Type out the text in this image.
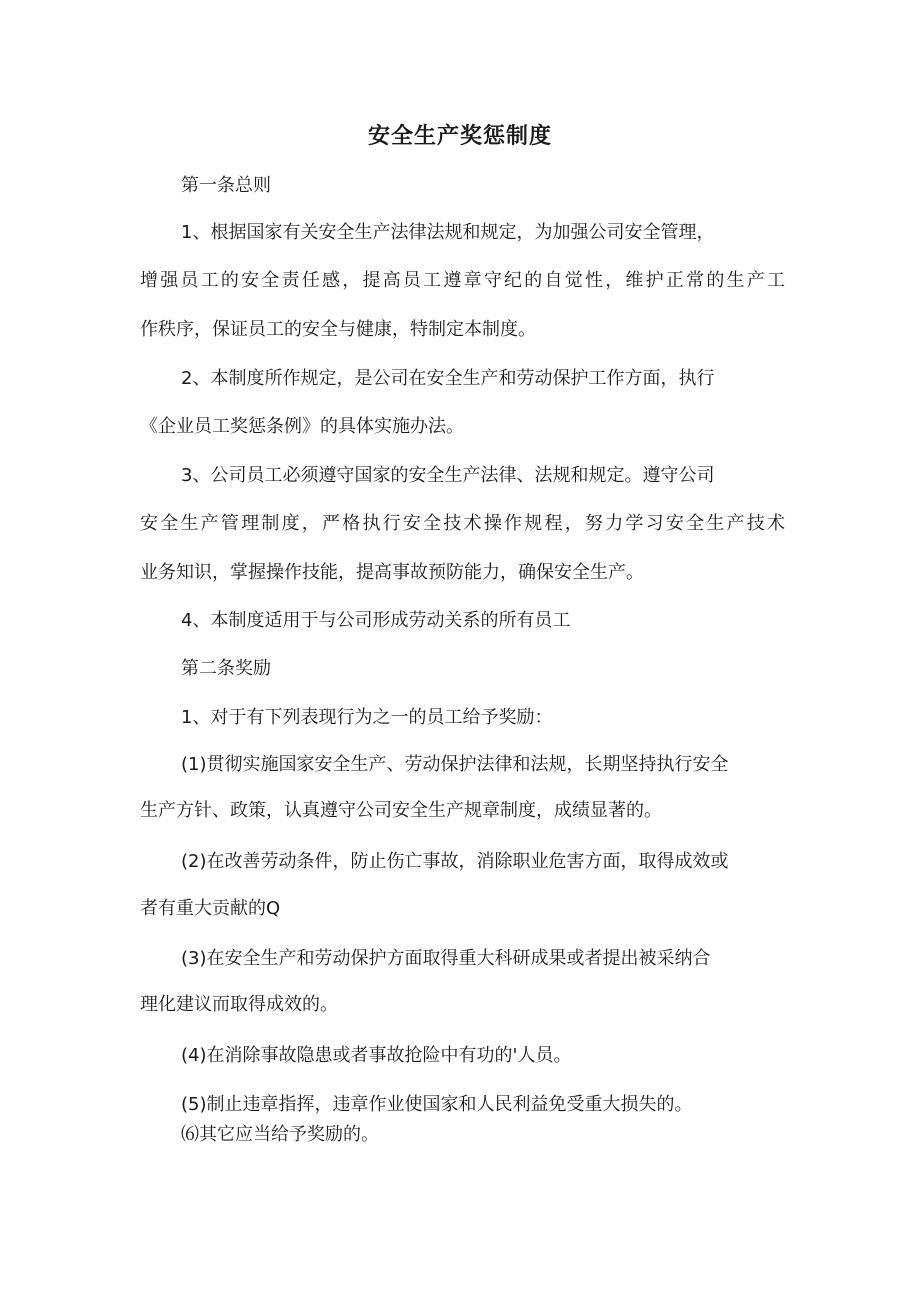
安全生产奖惩制度
第一条总则
1、根据国家有关安全生产法律法规和规定，为加强公司安全管理，
增强员工的安全责任感，提高员工遵章守纪的自觉性，维护正常的生产工
作秩序，保证员工的安全与健康，特制定本制度。
2、本制度所作规定，是公司在安全生产和劳动保护工作方面，执行
《企业员工奖惩条例》的具体实施办法。
3、公司员工必须遵守国家的安全生产法律、法规和规定。遵守公司
安全生产管理制度，严格执行安全技术操作规程，努力学习安全生产技术
业务知识，掌握操作技能，提高事故预防能力，确保安全生产。
4、本制度适用于与公司形成劳动关系的所有员工
第二条奖励
1、对于有下列表现行为之一的员工给予奖励：
(1)贯彻实施国家安全生产、劳动保护法律和法规，长期坚持执行安全
生产方针、政策，认真遵守公司安全生产规章制度，成绩显著的。
(2)在改善劳动条件，防止伤亡事故，消除职业危害方面，取得成效或
者有重大贡献的Q
(3)在安全生产和劳动保护方面取得重大科研成果或者提出被采纳合
理化建议而取得成效的。
(4)在消除事故隐患或者事故抢险中有功的'人员。
(5)制止违章指挥，违章作业使国家和人民利益免受重大损失的。
⑹其它应当给予奖励的。
